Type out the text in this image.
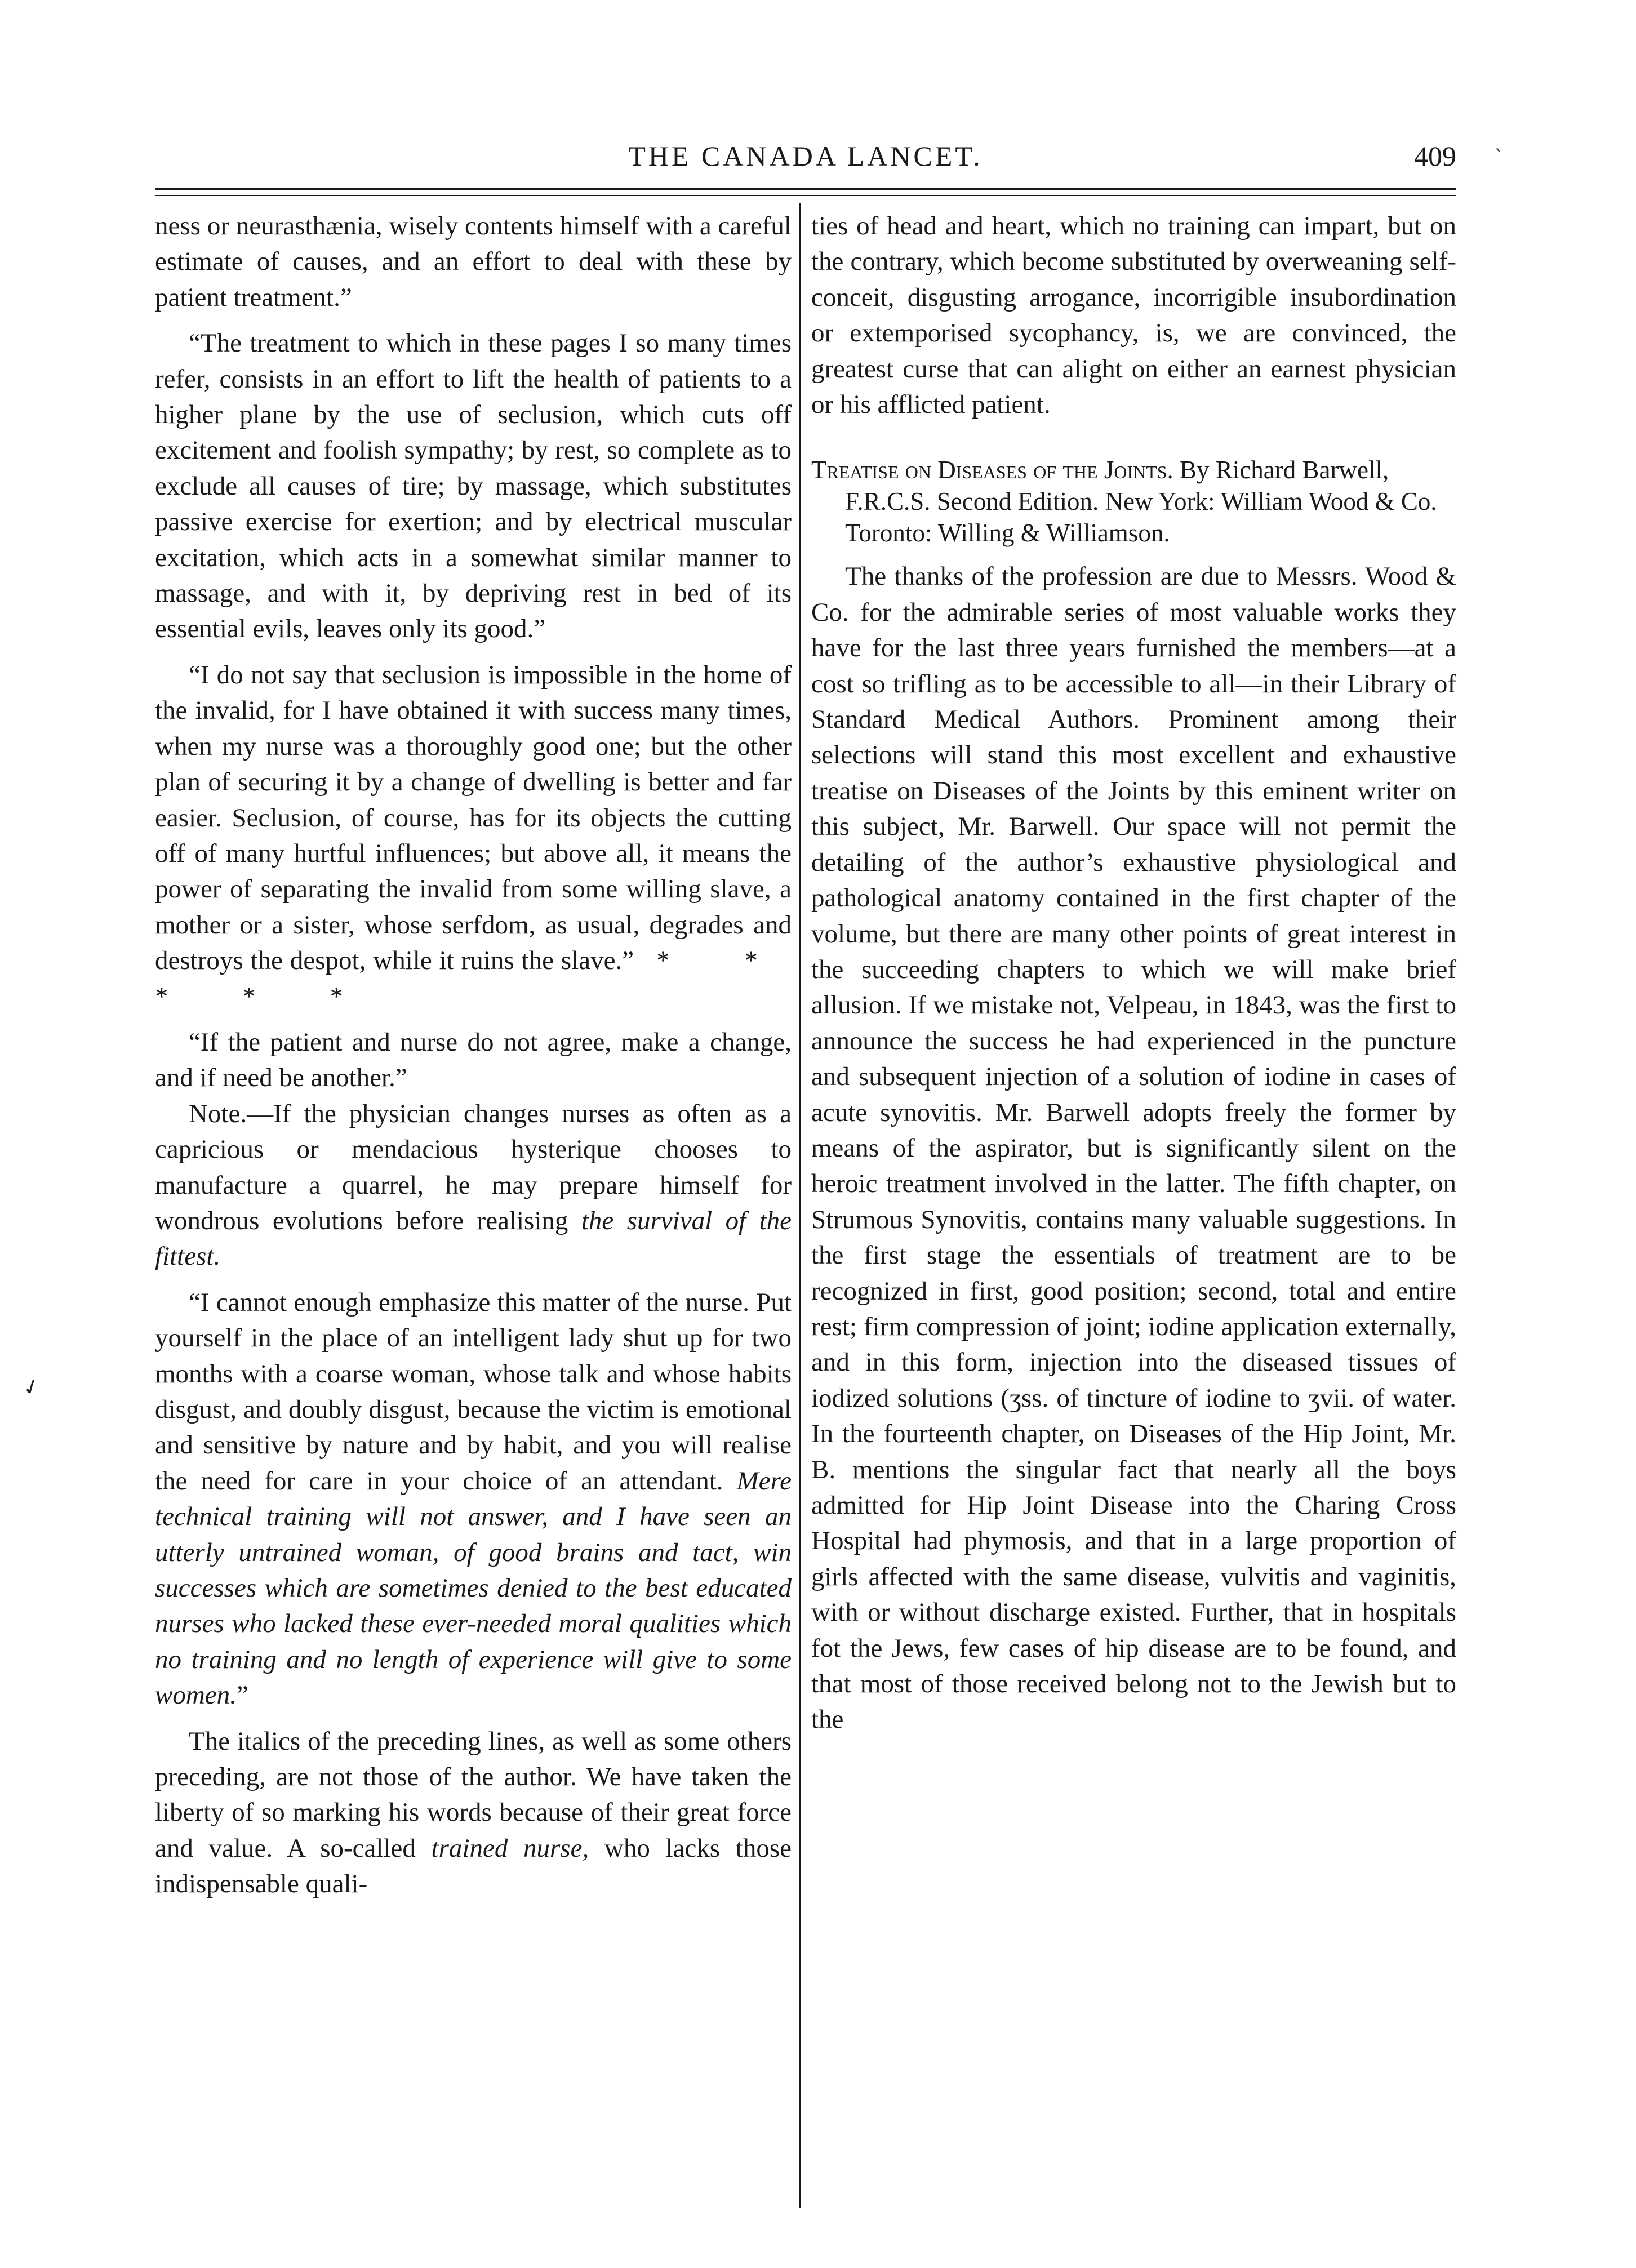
ˎ
THE CANADA LANCET.	409

ness or neurasthænia, wisely contents himself with a careful estimate of causes, and an effort to deal with these by patient treatment.”

“The treatment to which in these pages I so many times refer, consists in an effort to lift the health of patients to a higher plane by the use of seclusion, which cuts off excitement and foolish sympathy; by rest, so complete as to exclude all causes of tire; by massage, which substitutes passive exercise for exertion; and by electrical muscular excitation, which acts in a somewhat similar manner to massage, and with it, by depriving rest in bed of its essential evils, leaves only its good.”

“I do not say that seclusion is impossible in the home of the invalid, for I have obtained it with success many times, when my nurse was a thoroughly good one; but the other plan of securing it by a change of dwelling is better and far easier. Seclusion, of course, has for its objects the cutting off of many hurtful influences; but above all, it means the power of separating the invalid from some willing slave, a mother or a sister, whose serfdom, as usual, degrades and destroys the despot, while it ruins the slave.” * * * * *

“If the patient and nurse do not agree, make a change, and if need be another.”

Note.—If the physician changes nurses as often as a capricious or mendacious hysterique chooses to manufacture a quarrel, he may prepare himself for wondrous evolutions before realising the survival of the fittest.

“I cannot enough emphasize this matter of the nurse. Put yourself in the place of an intelligent lady shut up for two months with a coarse woman, whose talk and whose habits disgust, and doubly disgust, because the victim is emotional and sensitive by nature and by habit, and you will realise the need for care in your choice of an attendant. Mere technical training will not answer, and I have seen an utterly untrained woman, of good brains and tact, win successes which are sometimes denied to the best educated nurses who lacked these ever-needed moral qualities which no training and no length of experience will give to some women.”

The italics of the preceding lines, as well as some others preceding, are not those of the author. We have taken the liberty of so marking his words because of their great force and value. A so-called trained nurse, who lacks those indispensable quali-

ties of head and heart, which no training can impart, but on the contrary, which become substituted by overweaning self-conceit, disgusting arrogance, incorrigible insubordination or extemporised sycophancy, is, we are convinced, the greatest curse that can alight on either an earnest physician or his afflicted patient.

Treatise on Diseases of the Joints. By Richard Barwell, F.R.C.S. Second Edition. New York: William Wood & Co. Toronto: Willing & Williamson.

The thanks of the profession are due to Messrs. Wood & Co. for the admirable series of most valuable works they have for the last three years furnished the members—at a cost so trifling as to be accessible to all—in their Library of Standard Medical Authors. Prominent among their selections will stand this most excellent and exhaustive treatise on Diseases of the Joints by this eminent writer on this subject, Mr. Barwell. Our space will not permit the detailing of the author’s exhaustive physiological and pathological anatomy contained in the first chapter of the volume, but there are many other points of great interest in the succeeding chapters to which we will make brief allusion. If we mistake not, Velpeau, in 1843, was the first to announce the success he had experienced in the puncture and subsequent injection of a solution of iodine in cases of acute synovitis. Mr. Barwell adopts freely the former by means of the aspirator, but is significantly silent on the heroic treatment involved in the latter. The fifth chapter, on Strumous Synovitis, contains many valuable suggestions. In the first stage the essentials of treatment are to be recognized in first, good position; second, total and entire rest; firm compression of joint; iodine application externally, and in this form, injection into the diseased tissues of iodized solutions (ʒss. of tincture of iodine to ʒvii. of water. In the fourteenth chapter, on Diseases of the Hip Joint, Mr. B. mentions the singular fact that nearly all the boys admitted for Hip Joint Disease into the Charing Cross Hospital had phymosis, and that in a large proportion of girls affected with the same disease, vulvitis and vaginitis, with or without discharge existed. Further, that in hospitals fot the Jews, few cases of hip disease are to be found, and that most of those received belong not to the Jewish but to the

✓
